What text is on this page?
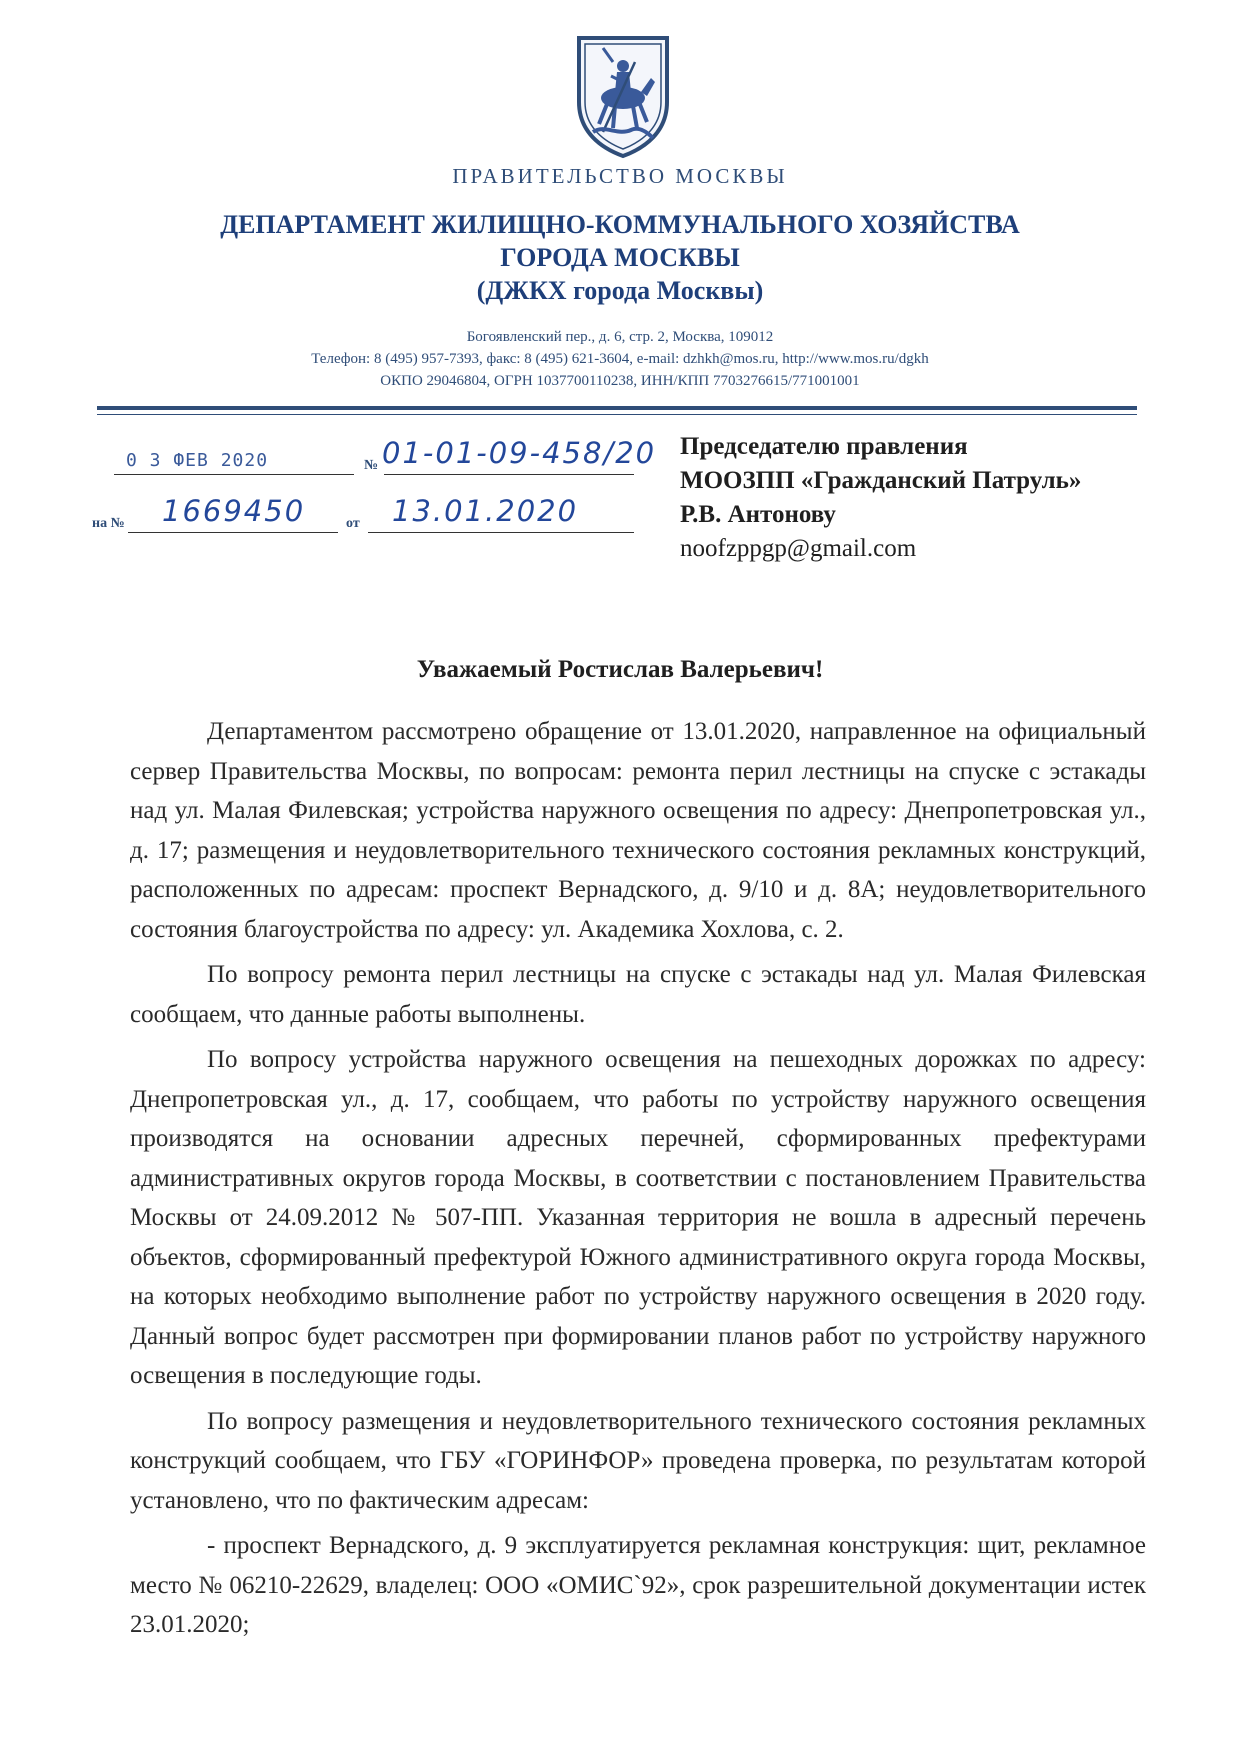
ПРАВИТЕЛЬСТВО МОСКВЫ
ДЕПАРТАМЕНТ ЖИЛИЩНО-КОММУНАЛЬНОГО ХОЗЯЙСТВА
ГОРОДА МОСКВЫ
(ДЖКХ города Москвы)
Богоявленский пер., д. 6, стр. 2, Москва, 109012
Телефон: 8 (495) 957-7393, факс: 8 (495) 621-3604, e-mail: dzhkh@mos.ru, http://www.mos.ru/dgkh
ОКПО 29046804, ОГРН 1037700110238, ИНН/КПП 7703276615/771001001
0 3 ФЕВ 2020	№ 01-01-09-458/20
на № 1669450	от 13.01.2020
Председателю правления
МООЗПП «Гражданский Патруль»
Р.В. Антонову
noofzppgp@gmail.com
Уважаемый Ростислав Валерьевич!

Департаментом рассмотрено обращение от 13.01.2020, направленное на официальный сервер Правительства Москвы, по вопросам: ремонта перил лестницы на спуске с эстакады над ул. Малая Филевская; устройства наружного освещения по адресу: Днепропетровская ул., д. 17; размещения и неудовлетворительного технического состояния рекламных конструкций, расположенных по адресам: проспект Вернадского, д. 9/10 и д. 8А; неудовлетворительного состояния благоустройства по адресу: ул. Академика Хохлова, с. 2.

По вопросу ремонта перил лестницы на спуске с эстакады над ул. Малая Филевская сообщаем, что данные работы выполнены.

По вопросу устройства наружного освещения на пешеходных дорожках по адресу: Днепропетровская ул., д. 17, сообщаем, что работы по устройству наружного освещения производятся на основании адресных перечней, сформированных префектурами административных округов города Москвы, в соответствии с постановлением Правительства Москвы от 24.09.2012 № 507-ПП. Указанная территория не вошла в адресный перечень объектов, сформированный префектурой Южного административного округа города Москвы, на которых необходимо выполнение работ по устройству наружного освещения в 2020 году. Данный вопрос будет рассмотрен при формировании планов работ по устройству наружного освещения в последующие годы.

По вопросу размещения и неудовлетворительного технического состояния рекламных конструкций сообщаем, что ГБУ «ГОРИНФОР» проведена проверка, по результатам которой установлено, что по фактическим адресам:

- проспект Вернадского, д. 9 эксплуатируется рекламная конструкция: щит, рекламное место № 06210-22629, владелец: ООО «ОМИС`92», срок разрешительной документации истек 23.01.2020;
